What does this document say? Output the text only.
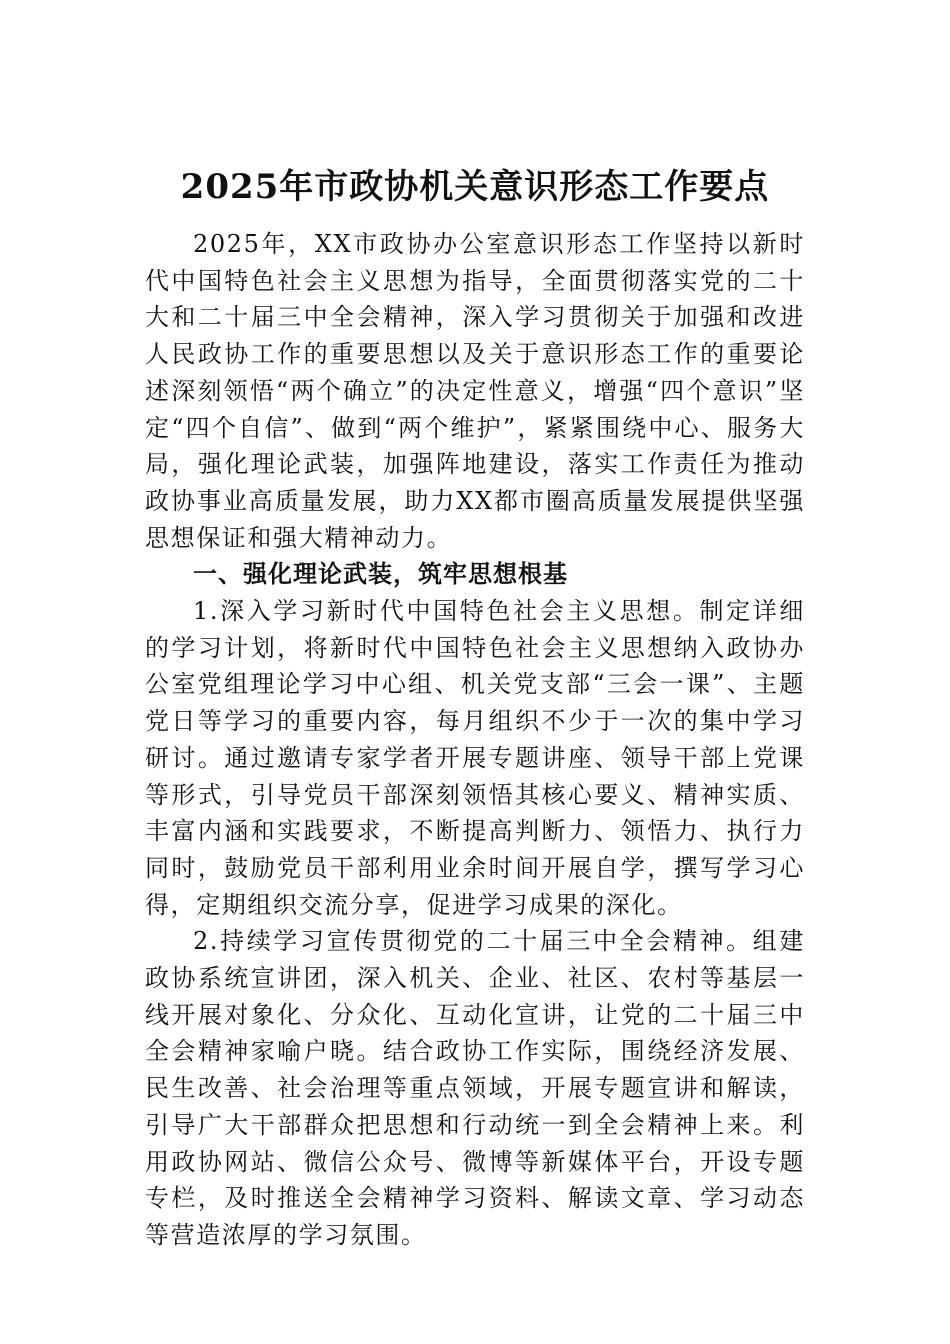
2025年市政协机关意识形态工作要点

2025年，XX市政协办公室意识形态工作坚持以新时代中国特色社会主义思想为指导，全面贯彻落实党的二十大和二十届三中全会精神，深入学习贯彻关于加强和改进人民政协工作的重要思想以及关于意识形态工作的重要论述深刻领悟“两个确立”的决定性意义，增强“四个意识”坚定“四个自信”、做到“两个维护”，紧紧围绕中心、服务大局，强化理论武装，加强阵地建设，落实工作责任为推动政协事业高质量发展，助力XX都市圈高质量发展提供坚强思想保证和强大精神动力。

一、强化理论武装，筑牢思想根基

1.深入学习新时代中国特色社会主义思想。制定详细的学习计划，将新时代中国特色社会主义思想纳入政协办公室党组理论学习中心组、机关党支部“三会一课”、主题党日等学习的重要内容，每月组织不少于一次的集中学习研讨。通过邀请专家学者开展专题讲座、领导干部上党课等形式，引导党员干部深刻领悟其核心要义、精神实质、丰富内涵和实践要求，不断提高判断力、领悟力、执行力同时，鼓励党员干部利用业余时间开展自学，撰写学习心得，定期组织交流分享，促进学习成果的深化。

2.持续学习宣传贯彻党的二十届三中全会精神。组建政协系统宣讲团，深入机关、企业、社区、农村等基层一线开展对象化、分众化、互动化宣讲，让党的二十届三中全会精神家喻户晓。结合政协工作实际，围绕经济发展、民生改善、社会治理等重点领域，开展专题宣讲和解读，引导广大干部群众把思想和行动统一到全会精神上来。利用政协网站、微信公众号、微博等新媒体平台，开设专题专栏，及时推送全会精神学习资料、解读文章、学习动态等营造浓厚的学习氛围。
